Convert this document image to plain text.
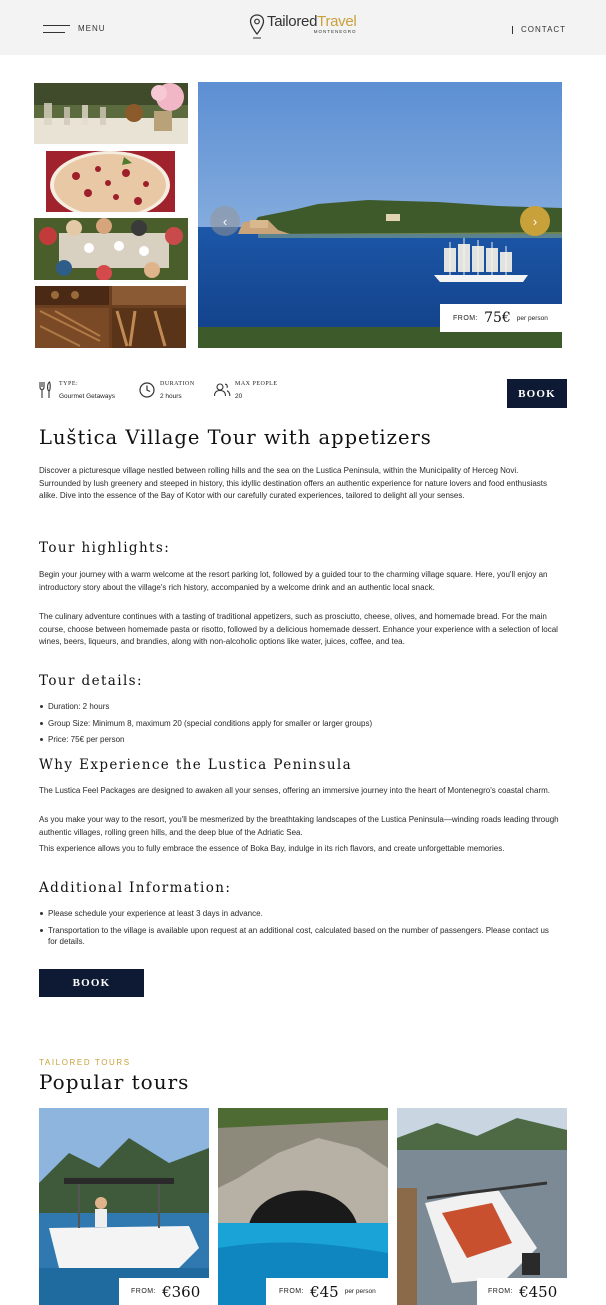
MENU	TailoredTravel
MONTENEGRO	CONTACT
‹	›
FROM: 75€ per person
TYPE:
Gourmet Getaways
DURATION
2 hours
MAX PEOPLE
20	BOOK
Luštica Village Tour with appetizers

Discover a picturesque village nestled between rolling hills and the sea on the Lustica Peninsula, within the Municipality of Herceg Novi.
Surrounded by lush greenery and steeped in history, this idyllic destination offers an authentic experience for nature lovers and food enthusiasts alike. Dive into the essence of the Bay of Kotor with our carefully curated experiences, tailored to delight all your senses.

Tour highlights:

Begin your journey with a warm welcome at the resort parking lot, followed by a guided tour to the charming village square. Here, you'll enjoy an introductory story about the village's rich history, accompanied by a welcome drink and an authentic local snack.

The culinary adventure continues with a tasting of traditional appetizers, such as prosciutto, cheese, olives, and homemade bread. For the main course, choose between homemade pasta or risotto, followed by a delicious homemade dessert. Enhance your experience with a selection of local wines, beers, liqueurs, and brandies, along with non-alcoholic options like water, juices, coffee, and tea.

Tour details:
Duration: 2 hours
Group Size: Minimum 8, maximum 20 (special conditions apply for smaller or larger groups)
Price: 75€ per person
Why Experience the Lustica Peninsula

The Lustica Feel Packages are designed to awaken all your senses, offering an immersive journey into the heart of Montenegro's coastal charm.

As you make your way to the resort, you'll be mesmerized by the breathtaking landscapes of the Lustica Peninsula—winding roads leading through authentic villages, rolling green hills, and the deep blue of the Adriatic Sea.

This experience allows you to fully embrace the essence of Boka Bay, indulge in its rich flavors, and create unforgettable memories.

Additional Information:
Please schedule your experience at least 3 days in advance.
Transportation to the village is available upon request at an additional cost, calculated based on the number of passengers. Please contact us for details.
BOOK
TAILORED TOURS
Popular tours
FROM: €360	FROM: €45 per person	FROM: €450
